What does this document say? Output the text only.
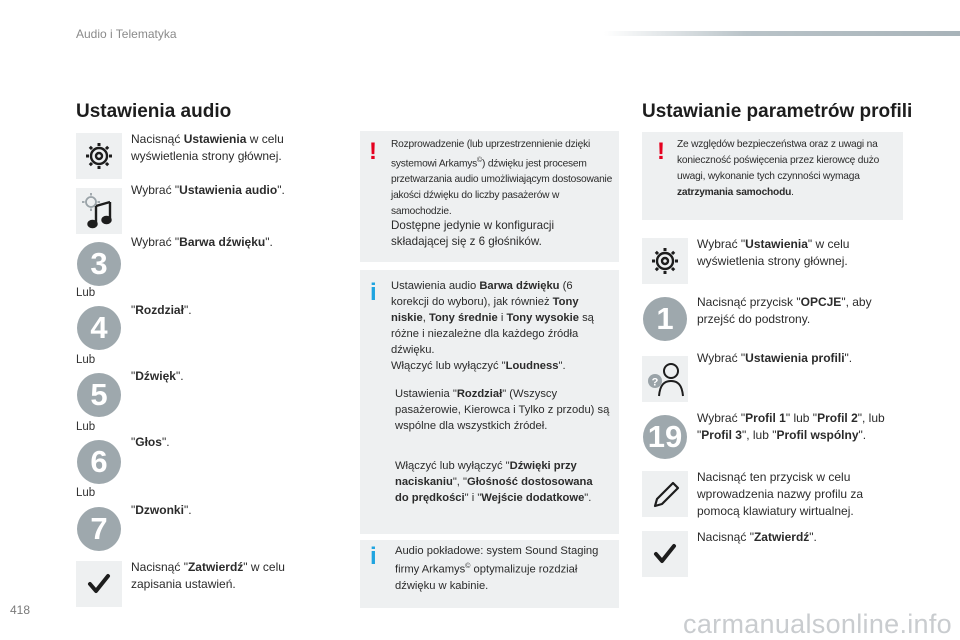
Audio i Telematyka
Ustawienia audio
Nacisnąć Ustawienia w celu wyświetlenia strony głównej.
Wybrać "Ustawienia audio".
3
Wybrać "Barwa dźwięku".
Lub
4	"Rozdział".
Lub
5
"Dźwięk".
Lub
6
"Głos".
Lub
7
"Dzwonki".
Nacisnąć "Zatwierdź" w celu zapisania ustawień.
! Rozprowadzenie (lub uprzestrzennienie dzięki systemowi Arkamys©) dźwięku jest procesem przetwarzania audio umożliwiającym dostosowanie jakości dźwięku do liczby pasażerów w samochodzie.
Dostępne jedynie w konfiguracji składającej się z 6 głośników.
i Ustawienia audio Barwa dźwięku (6 korekcji do wyboru), jak również Tony niskie, Tony średnie i Tony wysokie są różne i niezależne dla każdego źródła dźwięku.
Włączyć lub wyłączyć "Loudness".
Ustawienia "Rozdział" (Wszyscy pasażerowie, Kierowca i Tylko z przodu) są wspólne dla wszystkich źródeł.
Włączyć lub wyłączyć "Dźwięki przy naciskaniu", "Głośność dostosowana do prędkości" i "Wejście dodatkowe".
i Audio pokładowe: system Sound Staging firmy Arkamys© optymalizuje rozdział dźwięku w kabinie.
Ustawianie parametrów profili
! Ze względów bezpieczeństwa oraz z uwagi na konieczność poświęcenia przez kierowcę dużo uwagi, wykonanie tych czynności wymaga zatrzymania samochodu.
Wybrać "Ustawienia" w celu wyświetlenia strony głównej.
1	Nacisnąć przycisk "OPCJE", aby przejść do podstrony.
?
Wybrać "Ustawienia profili".
19
Wybrać "Profil 1" lub "Profil 2", lub "Profil 3", lub "Profil wspólny".
Nacisnąć ten przycisk w celu wprowadzenia nazwy profilu za pomocą klawiatury wirtualnej.
Nacisnąć "Zatwierdź".
418	carmanualsonline.info
